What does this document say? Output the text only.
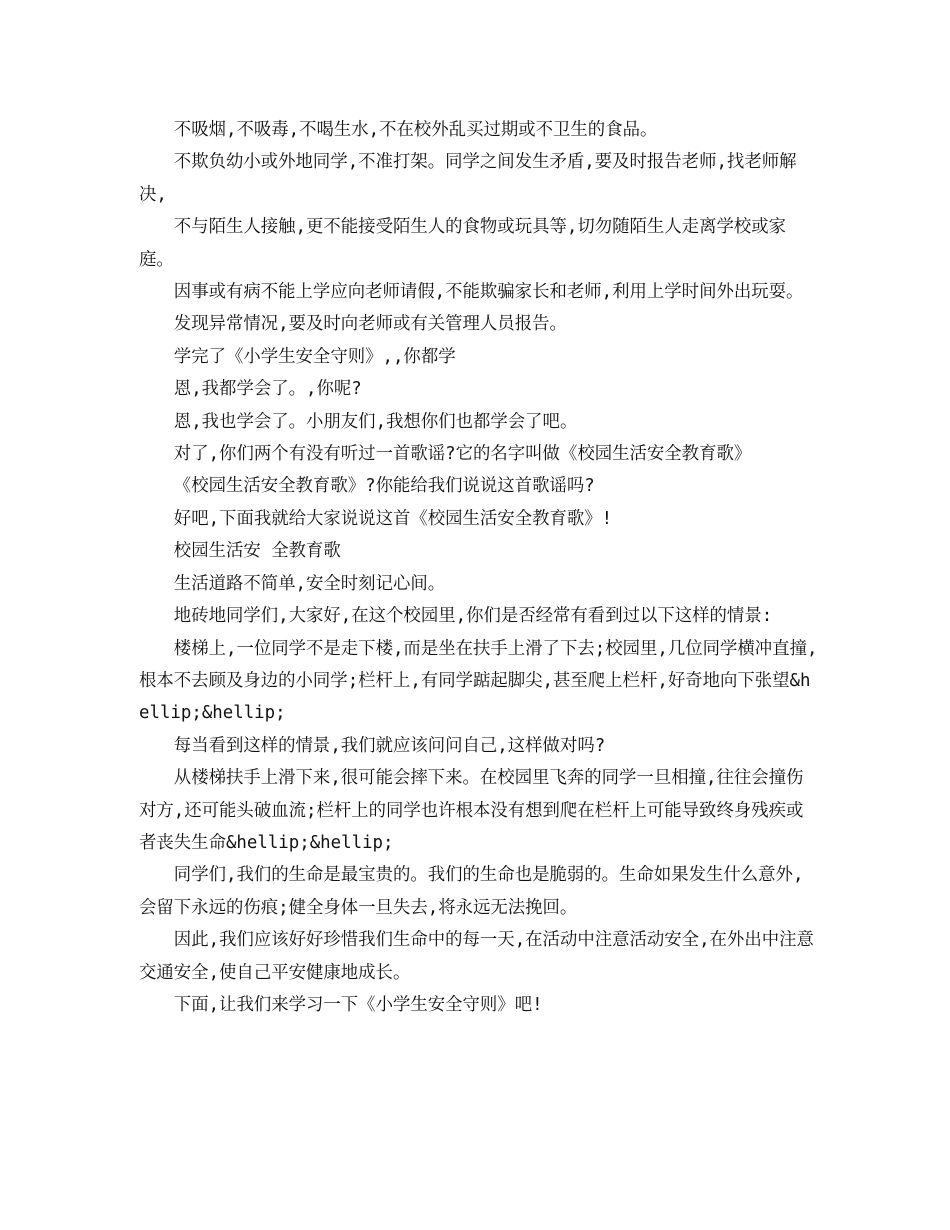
不吸烟,不吸毒,不喝生水,不在校外乱买过期或不卫生的食品。

不欺负幼小或外地同学,不准打架。同学之间发生矛盾,要及时报告老师,找老师解决,

不与陌生人接触,更不能接受陌生人的食物或玩具等,切勿随陌生人走离学校或家庭。

因事或有病不能上学应向老师请假,不能欺骗家长和老师,利用上学时间外出玩耍。

发现异常情况,要及时向老师或有关管理人员报告。

学完了《小学生安全守则》,,你都学

恩,我都学会了。,你呢?

恩,我也学会了。小朋友们,我想你们也都学会了吧。

对了,你们两个有没有听过一首歌谣?它的名字叫做《校园生活安全教育歌》

《校园生活安全教育歌》?你能给我们说说这首歌谣吗?

好吧,下面我就给大家说说这首《校园生活安全教育歌》!

校园生活安 全教育歌

生活道路不简单,安全时刻记心间。

地砖地同学们,大家好,在这个校园里,你们是否经常有看到过以下这样的情景:

楼梯上,一位同学不是走下楼,而是坐在扶手上滑了下去;校园里,几位同学横冲直撞,根本不去顾及身边的小同学;栏杆上,有同学踮起脚尖,甚至爬上栏杆,好奇地向下张望&hellip;&hellip;

每当看到这样的情景,我们就应该问问自己,这样做对吗?

从楼梯扶手上滑下来,很可能会摔下来。在校园里飞奔的同学一旦相撞,往往会撞伤对方,还可能头破血流;栏杆上的同学也许根本没有想到爬在栏杆上可能导致终身残疾或者丧失生命&hellip;&hellip;

同学们,我们的生命是最宝贵的。我们的生命也是脆弱的。生命如果发生什么意外,会留下永远的伤痕;健全身体一旦失去,将永远无法挽回。

因此,我们应该好好珍惜我们生命中的每一天,在活动中注意活动安全,在外出中注意交通安全,使自己平安健康地成长。

下面,让我们来学习一下《小学生安全守则》吧!
